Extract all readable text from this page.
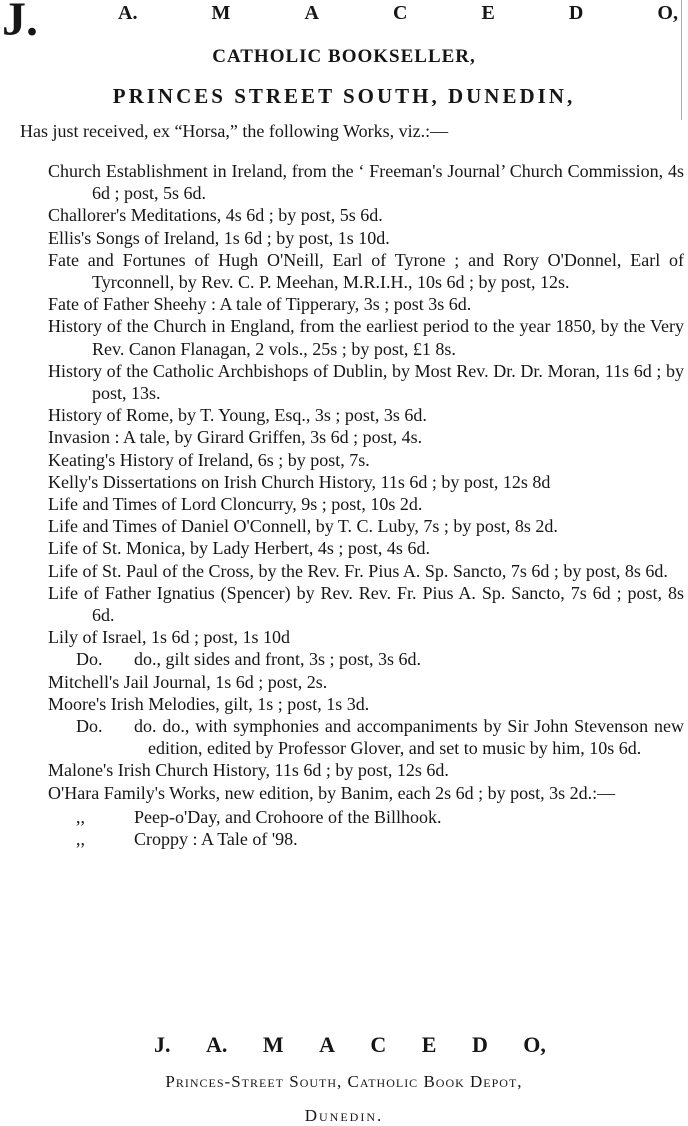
J.	A.	M	A	C	E	D	O,
CATHOLIC BOOKSELLER,
PRINCES STREET SOUTH, DUNEDIN,
Has just received, ex “Horsa,” the following Works, viz.:—
Church Establishment in Ireland, from the ‘ Freeman's Journal’ Church Commission, 4s 6d ; post, 5s 6d.
Challorer's Meditations, 4s 6d ; by post, 5s 6d.
Ellis's Songs of Ireland, 1s 6d ; by post, 1s 10d.
Fate and Fortunes of Hugh O'Neill, Earl of Tyrone ; and Rory O'Donnel, Earl of Tyrconnell, by Rev. C. P. Meehan, M.R.I.H., 10s 6d ; by post, 12s.
Fate of Father Sheehy : A tale of Tipperary, 3s ; post 3s 6d.
History of the Church in England, from the earliest period to the year 1850, by the Very Rev. Canon Flanagan, 2 vols., 25s ; by post, £1 8s.
History of the Catholic Archbishops of Dublin, by Most Rev. Dr. Dr. Moran, 11s 6d ; by post, 13s.
History of Rome, by T. Young, Esq., 3s ; post, 3s 6d.
Invasion : A tale, by Girard Griffen, 3s 6d ; post, 4s.
Keating's History of Ireland, 6s ; by post, 7s.
Kelly's Dissertations on Irish Church History, 11s 6d ; by post, 12s 8d
Life and Times of Lord Cloncurry, 9s ; post, 10s 2d.
Life and Times of Daniel O'Connell, by T. C. Luby, 7s ; by post, 8s 2d.
Life of St. Monica, by Lady Herbert, 4s ; post, 4s 6d.
Life of St. Paul of the Cross, by the Rev. Fr. Pius A. Sp. Sancto, 7s 6d ; by post, 8s 6d.
Life of Father Ignatius (Spencer) by Rev. Rev. Fr. Pius A. Sp. Sancto, 7s 6d ; post, 8s 6d.
Lily of Israel, 1s 6d ; post, 1s 10d
Do. do., gilt sides and front, 3s ; post, 3s 6d.
Mitchell's Jail Journal, 1s 6d ; post, 2s.
Moore's Irish Melodies, gilt, 1s ; post, 1s 3d.
Do. do. do., with symphonies and accompaniments by Sir John Stevenson new edition, edited by Professor Glover, and set to music by him, 10s 6d.
Malone's Irish Church History, 11s 6d ; by post, 12s 6d.
O'Hara Family's Works, new edition, by Banim, each 2s 6d ; by post, 3s 2d.:—
,,	Peep-o'Day, and Crohoore of the Billhook.
,,	Croppy : A Tale of '98.
J. A. M A C E D O,
Princes-Street South, Catholic Book Depot,
Dunedin.
